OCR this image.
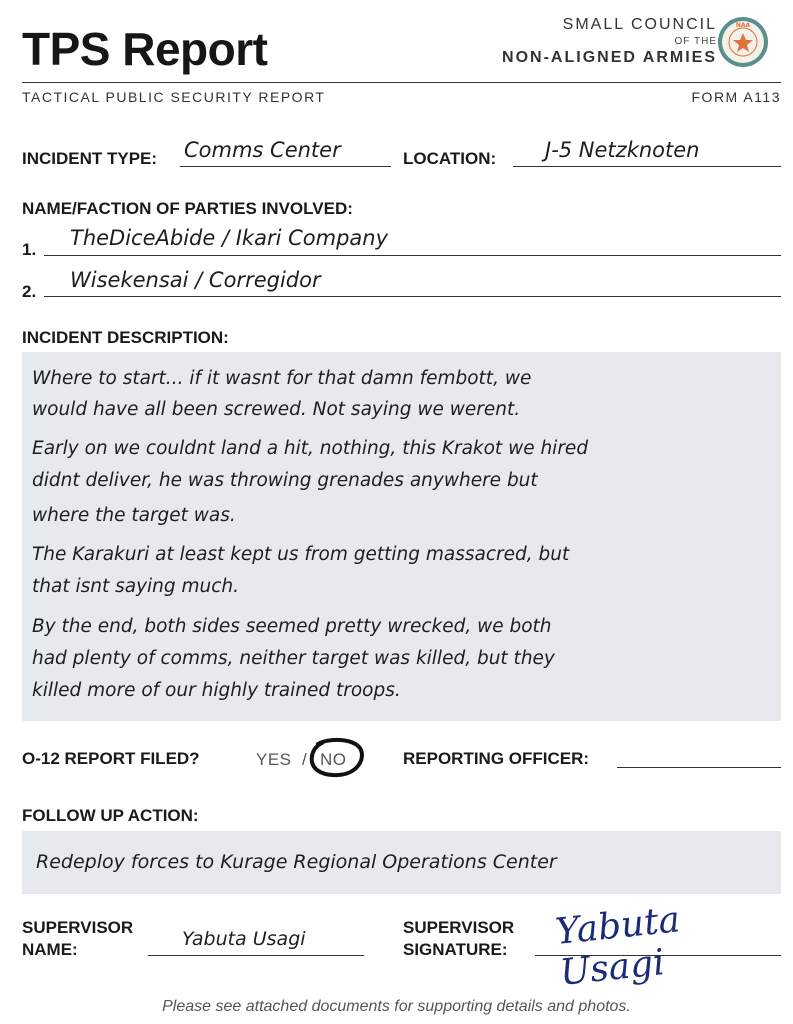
TPS Report	SMALL COUNCIL
OF THE
NON-ALIGNED ARMIES
NAA
TACTICAL PUBLIC SECURITY REPORT	FORM A113
INCIDENT TYPE: Comms Center	LOCATION: J-5 Netzknoten
NAME/FACTION OF PARTIES INVOLVED:
1. TheDiceAbide / Ikari Company
2. Wisekensai / Corregidor
INCIDENT DESCRIPTION:
Where to start... if it wasnt for that damn fembott, we
would have all been screwed. Not saying we werent.
Early on we couldnt land a hit, nothing, this Krakot we hired
didnt deliver, he was throwing grenades anywhere but
where the target was.
The Karakuri at least kept us from getting massacred, but
that isnt saying much.
By the end, both sides seemed pretty wrecked, we both
had plenty of comms, neither target was killed, but they
killed more of our highly trained troops.
O-12 REPORT FILED?	YES / NO	REPORTING OFFICER:
FOLLOW UP ACTION:
Redeploy forces to Kurage Regional Operations Center
SUPERVISOR
NAME:	Yabuta Usagi
SUPERVISOR
SIGNATURE: Yabuta Usagi
Please see attached documents for supporting details and photos.
